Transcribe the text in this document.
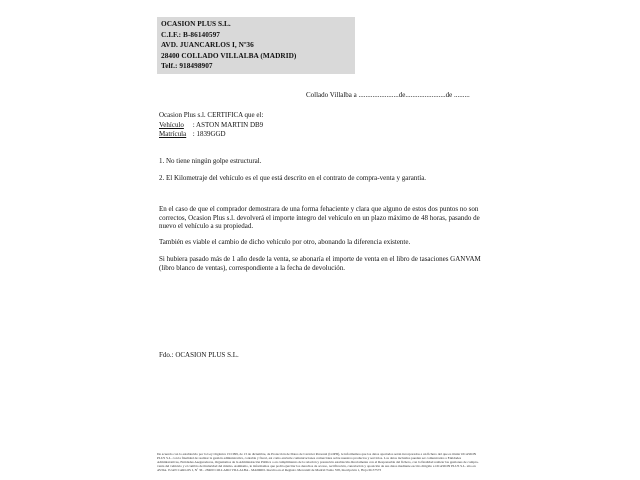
OCASION PLUS S.L.
C.I.F.: B-86140597
AVD. JUANCARLOS I, Nº36
28400 COLLADO VILLALBA (MADRID)
Telf.: 918498907
Collado Villalba a .......................de.......................de .........
Ocasion Plus s.l. CERTIFICA que el:
Vehículo : ASTON MARTIN DB9
Matrícula : 1839GGD
1. No tiene ningún golpe estructural.
2. El Kilometraje del vehículo es el que está descrito en el contrato de compra-venta y garantía.
En el caso de que el comprador demostrara de una forma fehaciente y clara que alguno de estos dos puntos no son correctos, Ocasion Plus s.l. devolverá el importe íntegro del vehículo en un plazo máximo de 48 horas, pasando de nuevo el vehículo a su propiedad.
También es viable el cambio de dicho vehículo por otro, abonando la diferencia existente.
Si hubiera pasado más de 1 año desde la venta, se abonaría el importe de venta en el libro de tasaciones GANVAM (libro blanco de ventas), correspondiente a la fecha de devolución.
Fdo.: OCASION PLUS S.L.
De acuerdo con lo establecido por la Ley Orgánica 15/1999, de 13 de diciembre, de Protección de Datos de Carácter Personal (LOPD), le informamos que los datos aportados serán incorporados a un fichero del que es titular OCASION PLUS S.L. con la finalidad de realizar la gestión administrativa, contable y fiscal, así como enviarle comunicaciones comerciales sobre nuestros productos y servicios. Los datos incluidos pueden ser comunicados a Entidades Administrativas, Entidades Aseguradoras, Organismos de la Administración Pública o en cumplimiento de la relación y prestación establecida directamente con el Responsable del fichero, con la finalidad realizar las gestiones de compra-venta del vehículo y el cambio de titularidad del mismo. Asimismo, le informamos que podrá ejercitar los derechos de acceso, rectificación, cancelación y oposición de sus datos mediante escrito dirigido a OCASION PLUS S.L. sito en AVDA. JUAN CARLOS I, Nº 36 - 28400 COLLADO VILLALBA - MADRID. Inscrita en el Registro Mercantil de Madrid Tomo 558, Inscripción 1, Hoja M-57573
